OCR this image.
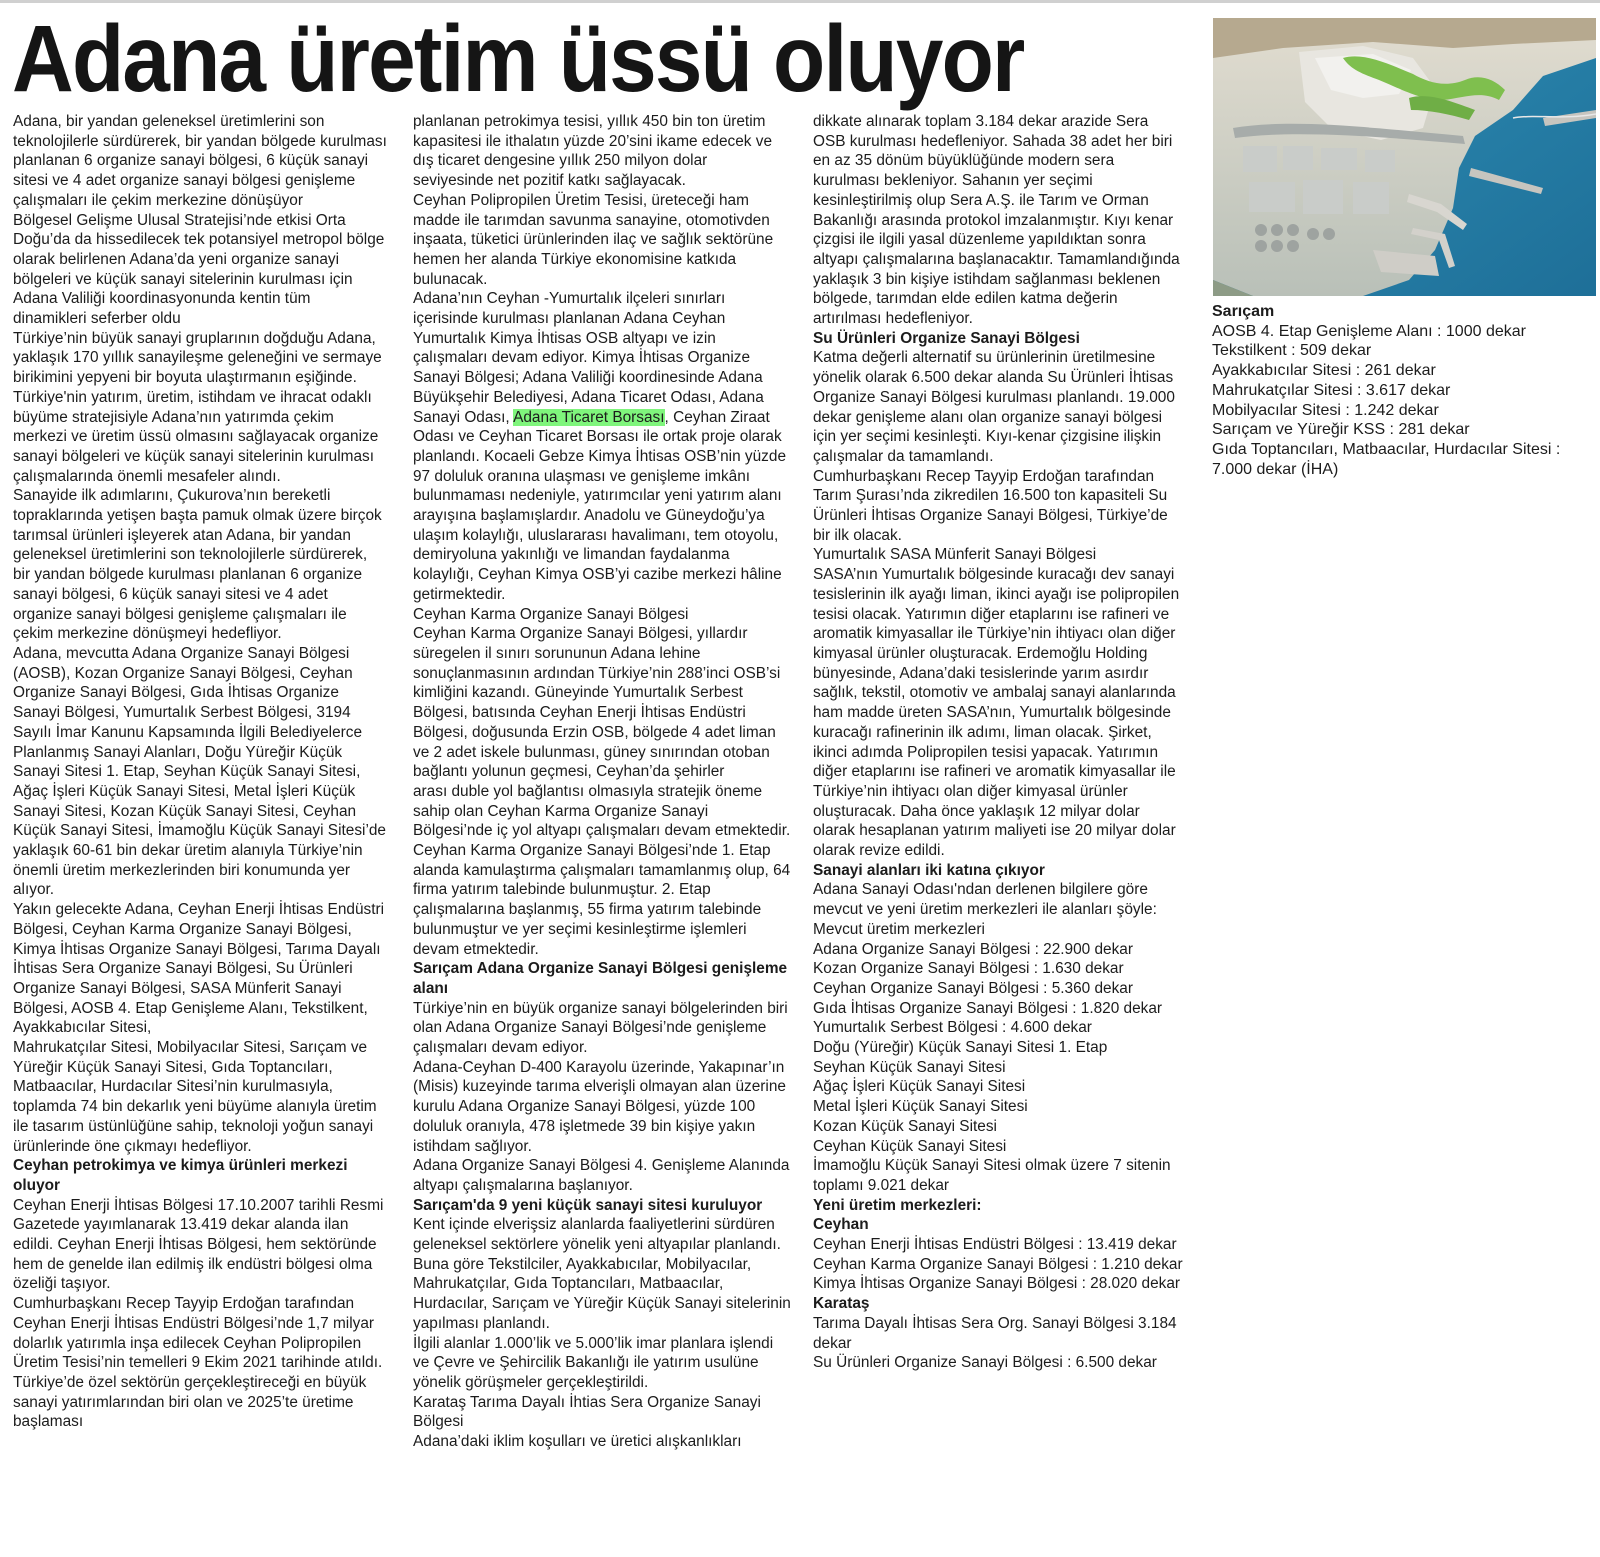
Adana üretim üssü oluyor

Adana, bir yandan geleneksel üretimlerini son teknolojilerle sürdürerek, bir yandan bölgede kurulması planlanan 6 organize sanayi bölgesi, 6 küçük sanayi sitesi ve 4 adet organize sanayi bölgesi genişleme çalışmaları ile çekim merkezine dönüşüyor

Bölgesel Gelişme Ulusal Stratejisi’nde etkisi Orta Doğu’da da hissedilecek tek potansiyel metropol bölge olarak belirlenen Adana’da yeni organize sanayi bölgeleri ve küçük sanayi sitelerinin kurulması için Adana Valiliği koordinasyonunda kentin tüm dinamikleri seferber oldu

Türkiye’nin büyük sanayi gruplarının doğduğu Adana, yaklaşık 170 yıllık sanayileşme geleneğini ve sermaye birikimini yepyeni bir boyuta ulaştırmanın eşiğinde. Türkiye'nin yatırım, üretim, istihdam ve ihracat odaklı büyüme stratejisiyle Adana’nın yatırımda çekim merkezi ve üretim üssü olmasını sağlayacak organize sanayi bölgeleri ve küçük sanayi sitelerinin kurulması çalışmalarında önemli mesafeler alındı.

Sanayide ilk adımlarını, Çukurova’nın bereketli topraklarında yetişen başta pamuk olmak üzere birçok tarımsal ürünleri işleyerek atan Adana, bir yandan geleneksel üretimlerini son teknolojilerle sürdürerek, bir yandan bölgede kurulması planlanan 6 organize sanayi bölgesi, 6 küçük sanayi sitesi ve 4 adet organize sanayi bölgesi genişleme çalışmaları ile çekim merkezine dönüşmeyi hedefliyor.

Adana, mevcutta Adana Organize Sanayi Bölgesi (AOSB), Kozan Organize Sanayi Bölgesi, Ceyhan Organize Sanayi Bölgesi, Gıda İhtisas Organize Sanayi Bölgesi, Yumurtalık Serbest Bölgesi, 3194 Sayılı İmar Kanunu Kapsamında İlgili Belediyelerce Planlanmış Sanayi Alanları, Doğu Yüreğir Küçük Sanayi Sitesi 1. Etap, Seyhan Küçük Sanayi Sitesi, Ağaç İşleri Küçük Sanayi Sitesi, Metal İşleri Küçük Sanayi Sitesi, Kozan Küçük Sanayi Sitesi, Ceyhan Küçük Sanayi Sitesi, İmamoğlu Küçük Sanayi Sitesi’de yaklaşık 60-61 bin dekar üretim alanıyla Türkiye’nin önemli üretim merkezlerinden biri konumunda yer alıyor.

Yakın gelecekte Adana, Ceyhan Enerji İhtisas Endüstri Bölgesi, Ceyhan Karma Organize Sanayi Bölgesi, Kimya İhtisas Organize Sanayi Bölgesi, Tarıma Dayalı İhtisas Sera Organize Sanayi Bölgesi, Su Ürünleri Organize Sanayi Bölgesi, SASA Münferit Sanayi Bölgesi, AOSB 4. Etap Genişleme Alanı, Tekstilkent, Ayakkabıcılar Sitesi,

Mahrukatçılar Sitesi, Mobilyacılar Sitesi, Sarıçam ve Yüreğir Küçük Sanayi Sitesi, Gıda Toptancıları, Matbaacılar, Hurdacılar Sitesi’nin kurulmasıyla, toplamda 74 bin dekarlık yeni büyüme alanıyla üretim ile tasarım üstünlüğüne sahip, teknoloji yoğun sanayi ürünlerinde öne çıkmayı hedefliyor.

Ceyhan petrokimya ve kimya ürünleri merkezi oluyor

Ceyhan Enerji İhtisas Bölgesi 17.10.2007 tarihli Resmi Gazetede yayımlanarak 13.419 dekar alanda ilan edildi. Ceyhan Enerji İhtisas Bölgesi, hem sektöründe hem de genelde ilan edilmiş ilk endüstri bölgesi olma özeliği taşıyor.

Cumhurbaşkanı Recep Tayyip Erdoğan tarafından Ceyhan Enerji İhtisas Endüstri Bölgesi’nde 1,7 milyar dolarlık yatırımla inşa edilecek Ceyhan Polipropilen Üretim Tesisi’nin temelleri 9 Ekim 2021 tarihinde atıldı. Türkiye’de özel sektörün gerçekleştireceği en büyük sanayi yatırımlarından biri olan ve 2025’te üretime başlaması

planlanan petrokimya tesisi, yıllık 450 bin ton üretim kapasitesi ile ithalatın yüzde 20’sini ikame edecek ve dış ticaret dengesine yıllık 250 milyon dolar seviyesinde net pozitif katkı sağlayacak.

Ceyhan Polipropilen Üretim Tesisi, üreteceği ham madde ile tarımdan savunma sanayine, otomotivden inşaata, tüketici ürünlerinden ilaç ve sağlık sektörüne hemen her alanda Türkiye ekonomisine katkıda bulunacak.

Adana’nın Ceyhan -Yumurtalık ilçeleri sınırları içerisinde kurulması planlanan Adana Ceyhan Yumurtalık Kimya İhtisas OSB altyapı ve izin çalışmaları devam ediyor. Kimya İhtisas Organize Sanayi Bölgesi; Adana Valiliği koordinesinde Adana Büyükşehir Belediyesi, Adana Ticaret Odası, Adana Sanayi Odası, Adana Ticaret Borsası, Ceyhan Ziraat Odası ve Ceyhan Ticaret Borsası ile ortak proje olarak planlandı. Kocaeli Gebze Kimya İhtisas OSB’nin yüzde 97 doluluk oranına ulaşması ve genişleme imkânı bulunmaması nedeniyle, yatırımcılar yeni yatırım alanı arayışına başlamışlardır. Anadolu ve Güneydoğu’ya ulaşım kolaylığı, uluslararası havalimanı, tem otoyolu, demiryoluna yakınlığı ve limandan faydalanma kolaylığı, Ceyhan Kimya OSB’yi cazibe merkezi hâline getirmektedir.

Ceyhan Karma Organize Sanayi Bölgesi

Ceyhan Karma Organize Sanayi Bölgesi, yıllardır süregelen il sınırı sorununun Adana lehine sonuçlanmasının ardından Türkiye’nin 288’inci OSB’si kimliğini kazandı. Güneyinde Yumurtalık Serbest Bölgesi, batısında Ceyhan Enerji İhtisas Endüstri Bölgesi, doğusunda Erzin OSB, bölgede 4 adet liman ve 2 adet iskele bulunması, güney sınırından otoban bağlantı yolunun geçmesi, Ceyhan’da şehirler

arası duble yol bağlantısı olmasıyla stratejik öneme sahip olan Ceyhan Karma Organize Sanayi Bölgesi’nde iç yol altyapı çalışmaları devam etmektedir. Ceyhan Karma Organize Sanayi Bölgesi’nde 1. Etap alanda kamulaştırma çalışmaları tamamlanmış olup, 64 firma yatırım talebinde bulunmuştur. 2. Etap çalışmalarına başlanmış, 55 firma yatırım talebinde bulunmuştur ve yer seçimi kesinleştirme işlemleri devam etmektedir.

Sarıçam Adana Organize Sanayi Bölgesi genişleme alanı

Türkiye’nin en büyük organize sanayi bölgelerinden biri olan Adana Organize Sanayi Bölgesi’nde genişleme çalışmaları devam ediyor.

Adana-Ceyhan D-400 Karayolu üzerinde, Yakapınar’ın (Misis) kuzeyinde tarıma elverişli olmayan alan üzerine kurulu Adana Organize Sanayi Bölgesi, yüzde 100 doluluk oranıyla, 478 işletmede 39 bin kişiye yakın istihdam sağlıyor.

Adana Organize Sanayi Bölgesi 4. Genişleme Alanında altyapı çalışmalarına başlanıyor.

Sarıçam'da 9 yeni küçük sanayi sitesi kuruluyor

Kent içinde elverişsiz alanlarda faaliyetlerini sürdüren geleneksel sektörlere yönelik yeni altyapılar planlandı. Buna göre Tekstilciler, Ayakkabıcılar, Mobilyacılar, Mahrukatçılar, Gıda Toptancıları, Matbaacılar, Hurdacılar, Sarıçam ve Yüreğir Küçük Sanayi sitelerinin yapılması planlandı.

İlgili alanlar 1.000’lik ve 5.000’lik imar planlara işlendi ve Çevre ve Şehircilik Bakanlığı ile yatırım usulüne yönelik görüşmeler gerçekleştirildi.

Karataş Tarıma Dayalı İhtias Sera Organize Sanayi Bölgesi

Adana’daki iklim koşulları ve üretici alışkanlıkları

dikkate alınarak toplam 3.184 dekar arazide Sera OSB kurulması hedefleniyor. Sahada 38 adet her biri en az 35 dönüm büyüklüğünde modern sera kurulması bekleniyor. Sahanın yer seçimi kesinleştirilmiş olup Sera A.Ş. ile Tarım ve Orman Bakanlığı arasında protokol imzalanmıştır. Kıyı kenar çizgisi ile ilgili yasal düzenleme yapıldıktan sonra altyapı çalışmalarına başlanacaktır. Tamamlandığında yaklaşık 3 bin kişiye istihdam sağlanması beklenen bölgede, tarımdan elde edilen katma değerin artırılması hedefleniyor.

Su Ürünleri Organize Sanayi Bölgesi

Katma değerli alternatif su ürünlerinin üretilmesine yönelik olarak 6.500 dekar alanda Su Ürünleri İhtisas Organize Sanayi Bölgesi kurulması planlandı. 19.000 dekar genişleme alanı olan organize sanayi bölgesi için yer seçimi kesinleşti. Kıyı-kenar çizgisine ilişkin çalışmalar da tamamlandı.

Cumhurbaşkanı Recep Tayyip Erdoğan tarafından Tarım Şurası’nda zikredilen 16.500 ton kapasiteli Su Ürünleri İhtisas Organize Sanayi Bölgesi, Türkiye’de bir ilk olacak.

Yumurtalık SASA Münferit Sanayi Bölgesi

SASA’nın Yumurtalık bölgesinde kuracağı dev sanayi tesislerinin ilk ayağı liman, ikinci ayağı ise polipropilen tesisi olacak. Yatırımın diğer etaplarını ise rafineri ve aromatik kimyasallar ile Türkiye’nin ihtiyacı olan diğer kimyasal ürünler oluşturacak. Erdemoğlu Holding bünyesinde, Adana’daki tesislerinde yarım asırdır sağlık, tekstil, otomotiv ve ambalaj sanayi alanlarında ham madde üreten SASA’nın, Yumurtalık bölgesinde kuracağı rafinerinin ilk adımı, liman olacak. Şirket, ikinci adımda Polipropilen tesisi yapacak. Yatırımın diğer etaplarını ise rafineri ve aromatik kimyasallar ile Türkiye’nin ihtiyacı olan diğer kimyasal ürünler oluşturacak. Daha önce yaklaşık 12 milyar dolar olarak hesaplanan yatırım maliyeti ise 20 milyar dolar olarak revize edildi.

Sanayi alanları iki katına çıkıyor

Adana Sanayi Odası'ndan derlenen bilgilere göre mevcut ve yeni üretim merkezleri ile alanları şöyle:

Mevcut üretim merkezleri

Adana Organize Sanayi Bölgesi : 22.900 dekar

Kozan Organize Sanayi Bölgesi : 1.630 dekar

Ceyhan Organize Sanayi Bölgesi : 5.360 dekar

Gıda İhtisas Organize Sanayi Bölgesi : 1.820 dekar

Yumurtalık Serbest Bölgesi : 4.600 dekar

Doğu (Yüreğir) Küçük Sanayi Sitesi 1. Etap

Seyhan Küçük Sanayi Sitesi

Ağaç İşleri Küçük Sanayi Sitesi

Metal İşleri Küçük Sanayi Sitesi

Kozan Küçük Sanayi Sitesi

Ceyhan Küçük Sanayi Sitesi

İmamoğlu Küçük Sanayi Sitesi olmak üzere 7 sitenin toplamı 9.021 dekar

Yeni üretim merkezleri:

Ceyhan

Ceyhan Enerji İhtisas Endüstri Bölgesi : 13.419 dekar

Ceyhan Karma Organize Sanayi Bölgesi : 1.210 dekar

Kimya İhtisas Organize Sanayi Bölgesi : 28.020 dekar

Karataş

Tarıma Dayalı İhtisas Sera Org. Sanayi Bölgesi 3.184 dekar

Su Ürünleri Organize Sanayi Bölgesi : 6.500 dekar

Sarıçam

AOSB 4. Etap Genişleme Alanı : 1000 dekar

Tekstilkent : 509 dekar

Ayakkabıcılar Sitesi : 261 dekar

Mahrukatçılar Sitesi : 3.617 dekar

Mobilyacılar Sitesi : 1.242 dekar

Sarıçam ve Yüreğir KSS : 281 dekar

Gıda Toptancıları, Matbaacılar, Hurdacılar Sitesi : 7.000 dekar (İHA)
